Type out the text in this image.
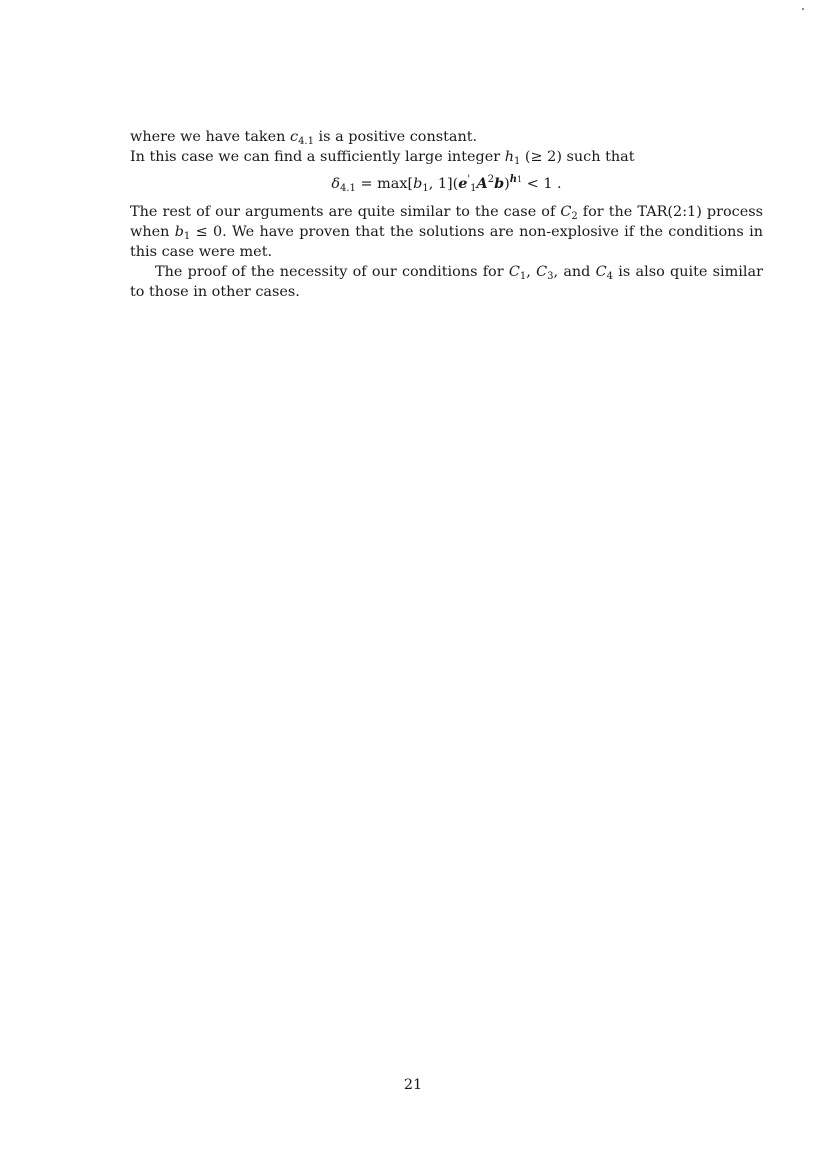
where we have taken $c_{4.1}$ is a positive constant.
In this case we can find a sufficiently large integer $h_1$ (≥ 2) such that
$\delta_{4.1} = \max[b_1$, $1](e'_1A^2b)^{h1} < 1$ .
The rest of our arguments are quite similar to the case of $C_2$ for the TAR(2:1) process when $b_1 \le 0$. We have proven that the solutions are non-explosive if the conditions in this case were met.
The proof of the necessity of our conditions for $C_1$, $C_3$, and $C_4$ is also quite similar to those in other cases.
21
